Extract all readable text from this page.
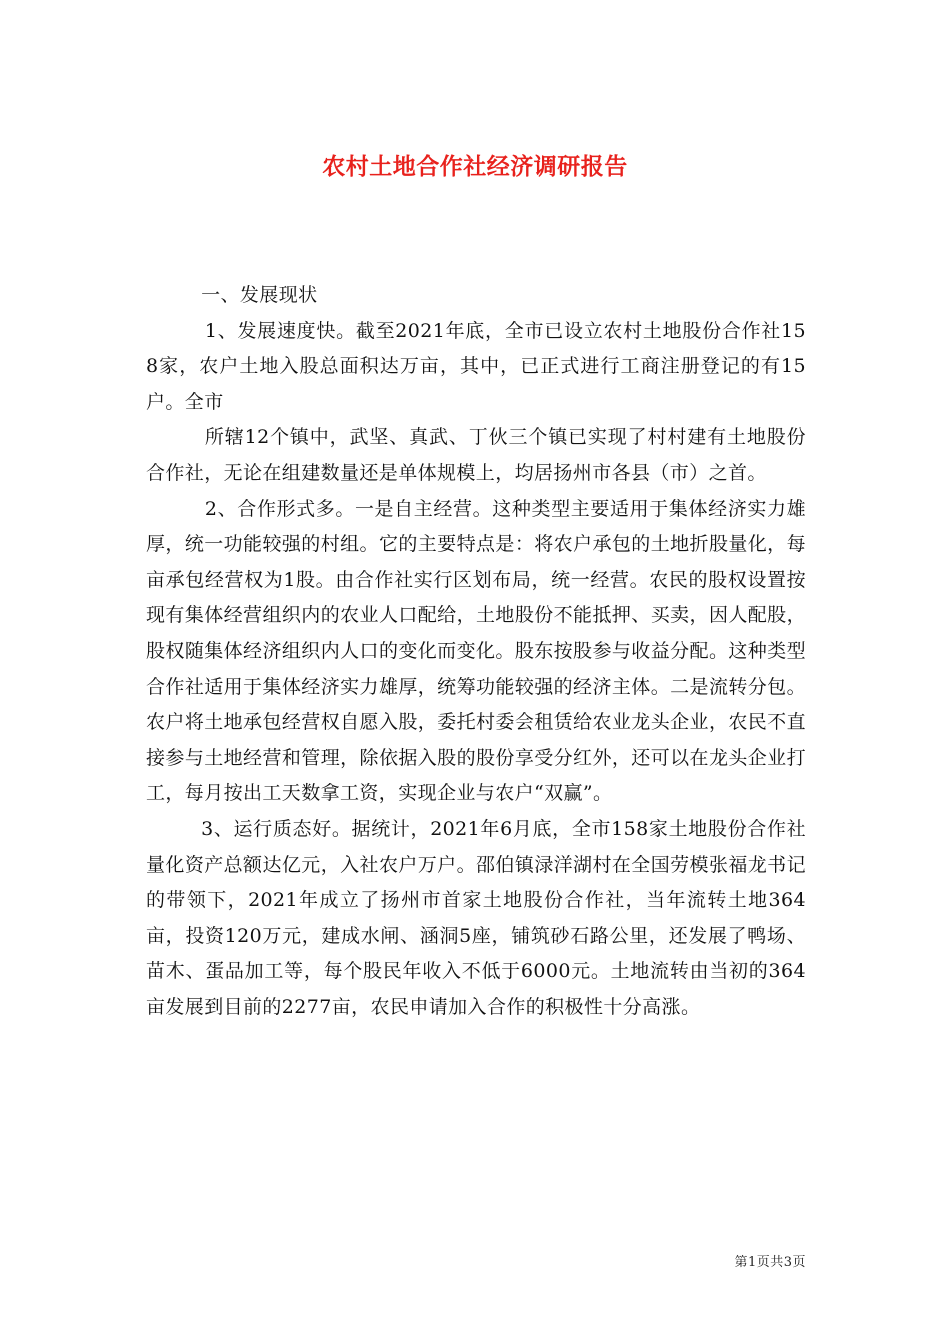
农村土地合作社经济调研报告

一、发展现状

1、发展速度快。截至2021年底，全市已设立农村土地股份合作社158家，农户土地入股总面积达万亩，其中，已正式进行工商注册登记的有15户。全市

所辖12个镇中，武坚、真武、丁伙三个镇已实现了村村建有土地股份合作社，无论在组建数量还是单体规模上，均居扬州市各县（市）之首。

2、合作形式多。一是自主经营。这种类型主要适用于集体经济实力雄厚，统一功能较强的村组。它的主要特点是：将农户承包的土地折股量化，每亩承包经营权为1股。由合作社实行区划布局，统一经营。农民的股权设置按现有集体经营组织内的农业人口配给，土地股份不能抵押、买卖，因人配股，股权随集体经济组织内人口的变化而变化。股东按股参与收益分配。这种类型合作社适用于集体经济实力雄厚，统筹功能较强的经济主体。二是流转分包。农户将土地承包经营权自愿入股，委托村委会租赁给农业龙头企业，农民不直接参与土地经营和管理，除依据入股的股份享受分红外，还可以在龙头企业打工，每月按出工天数拿工资，实现企业与农户“双赢”。

3、运行质态好。据统计，2021年6月底，全市158家土地股份合作社量化资产总额达亿元，入社农户万户。邵伯镇渌洋湖村在全国劳模张福龙书记的带领下，2021年成立了扬州市首家土地股份合作社，当年流转土地364亩，投资120万元，建成水闸、涵洞5座，铺筑砂石路公里，还发展了鸭场、苗木、蛋品加工等，每个股民年收入不低于6000元。土地流转由当初的364亩发展到目前的2277亩，农民申请加入合作的积极性十分高涨。

第1页共3页
